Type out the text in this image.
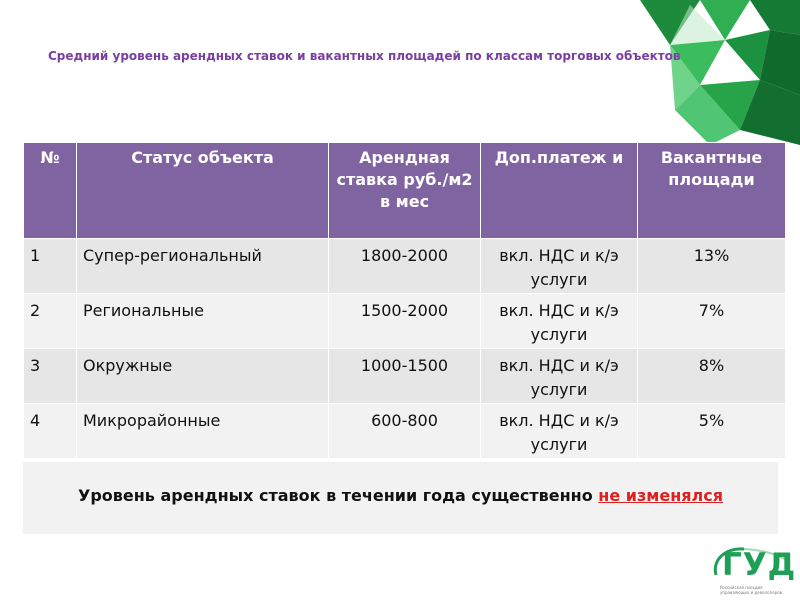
Средний уровень арендных ставок и вакантных площадей по классам торговых объектов
№	Статус объекта	Арендная ставка руб./м2 в мес	Доп.платеж и	Вакантные площади
1	Супер-региональный	1800-2000	вкл. НДС и к/э услуги	13%
2	Региональные	1500-2000	вкл. НДС и к/э услуги	7%
3	Окружные	1000-1500	вкл. НДС и к/э услуги	8%
4	Микрорайонные	600-800	вкл. НДС и к/э услуги	5%
Уровень арендных ставок в течении года существенно не изменялся
ГУД
Российская гильдия управляющих и девелоперов
